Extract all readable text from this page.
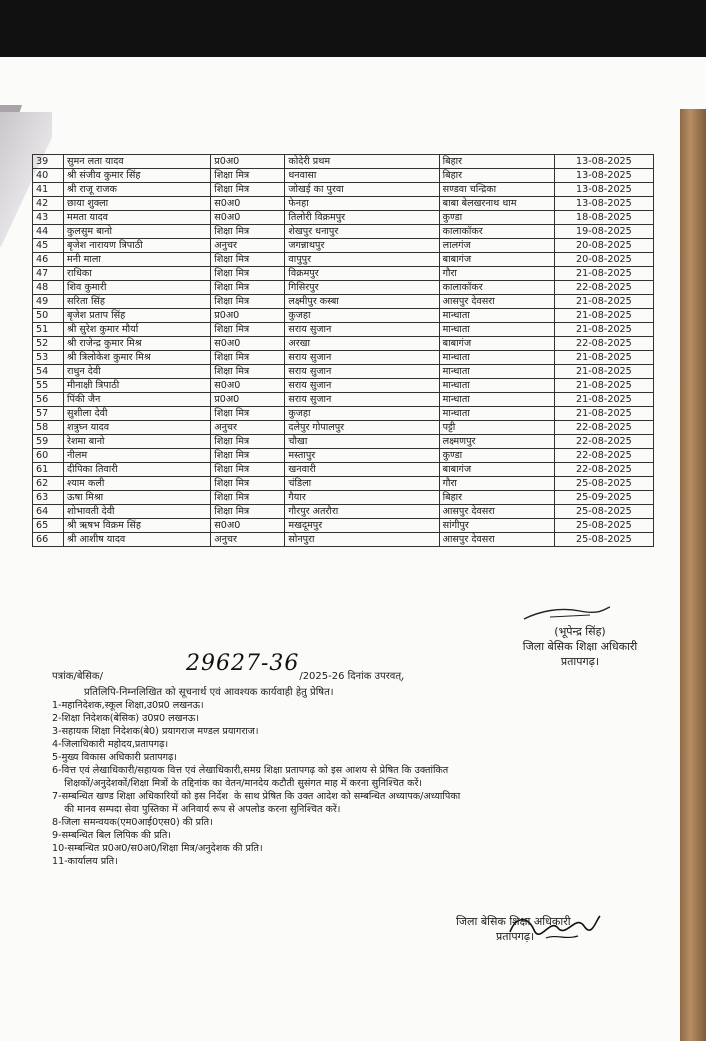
39	सुमन लता यादव	प्र0अ0	कोदेरी प्रथम	बिहार	13-08-2025
40	श्री संजीव कुमार सिंह	शिक्षा मित्र	धनवासा	बिहार	13-08-2025
41	श्री राजू राजक	शिक्षा मित्र	जोखई का पुरवा	सण्डवा चन्द्रिका	13-08-2025
42	छाया शुक्ला	स0अ0	फेनहा	बाबा बेलखरनाथ धाम	13-08-2025
43	ममता यादव	स0अ0	तिलोरी विक्रमपुर	कुण्डा	18-08-2025
44	कुलसुम बानो	शिक्षा मित्र	शेखपुर धनापुर	कालाकॉकर	19-08-2025
45	बृजेश नारायण त्रिपाठी	अनुचर	जगन्नाथपुर	लालगंज	20-08-2025
46	मनी माला	शिक्षा मित्र	वापुपुर	बाबागंज	20-08-2025
47	राधिका	शिक्षा मित्र	विक्रमपुर	गौरा	21-08-2025
48	शिव कुमारी	शिक्षा मित्र	गिसिरपुर	कालाकॉकर	22-08-2025
49	सरिता सिंह	शिक्षा मित्र	लक्ष्मीपुर कस्बा	आसपुर देवसरा	21-08-2025
50	बृजेश प्रताप सिंह	प्र0अ0	कुजहा	मान्धाता	21-08-2025
51	श्री सुरेश कुमार मौर्या	शिक्षा मित्र	सराय सुजान	मान्धाता	21-08-2025
52	श्री राजेन्द्र कुमार मिश्र	स0अ0	अरखा	बाबागंज	22-08-2025
53	श्री त्रिलोकेश कुमार मिश्र	शिक्षा मित्र	सराय सुजान	मान्धाता	21-08-2025
54	राधुन देवी	शिक्षा मित्र	सराय सुजान	मान्धाता	21-08-2025
55	मीनाक्षी त्रिपाठी	स0अ0	सराय सुजान	मान्धाता	21-08-2025
56	पिंकी जैन	प्र0अ0	सराय सुजान	मान्धाता	21-08-2025
57	सुशीला देवी	शिक्षा मित्र	कुजहा	मान्धाता	21-08-2025
58	शत्रुघ्न यादव	अनुचर	दलेपुर गोपालपुर	पट्टी	22-08-2025
59	रेशमा बानो	शिक्षा मित्र	चौखा	लक्ष्मणपुर	22-08-2025
60	नीलम	शिक्षा मित्र	मस्तापुर	कुण्डा	22-08-2025
61	दीपिका तिवारी	शिक्षा मित्र	खनवारी	बाबागंज	22-08-2025
62	श्याम कली	शिक्षा मित्र	चंडिला	गौरा	25-08-2025
63	ऊषा मिश्रा	शिक्षा मित्र	गैयार	बिहार	25-09-2025
64	शोभावती देवी	शिक्षा मित्र	गौरपुर अतरौरा	आसपुर देवसरा	25-08-2025
65	श्री ऋषभ विक्रम सिंह	स0अ0	मखदूमपुर	सांगीपुर	25-08-2025
66	श्री आशीष यादव	अनुचर	सोनपुरा	आसपुर देवसरा	25-08-2025
(भूपेन्द्र सिंह)
जिला बेसिक शिक्षा अधिकारी
प्रतापगढ़।
पत्रांक/बेसिक/	/2025-26 दिनांक उपरवत्,
29627-36
प्रतिलिपि-निम्नलिखित को सूचनार्थ एवं आवश्यक कार्यवाही हेतु प्रेषित।
1-महानिदेशक,स्कूल शिक्षा,उ0प्र0 लखनऊ।
2-शिक्षा निदेशक(बेसिक) उ0प्र0 लखनऊ।
3-सहायक शिक्षा निदेशक(बे0) प्रयागराज मण्डल प्रयागराज।
4-जिलाधिकारी महोदय,प्रतापगढ़।
5-मुख्य विकास अधिकारी प्रतापगढ़।
6-वित्त एवं लेखाधिकारी/सहायक वित्त एवं लेखाधिकारी,समग्र शिक्षा प्रतापगढ़ को इस आशय से प्रेषित कि उक्तांकित
शिक्षकों/अनुदेशकों/शिक्षा मित्रों के तद्दिनांक का वेतन/मानदेय कटौती सुसंगत माह में करना सुनिश्चित करें।
7-सम्बन्धित खण्ड शिक्षा अधिकारियों को इस निर्देश  के साथ प्रेषित कि उक्त आदेश को सम्बन्धित अध्यापक/अध्यापिका
की मानव सम्पदा सेवा पुस्तिका में अनिवार्य रूप से अपलोड करना सुनिश्चित करें।
8-जिला समन्वयक(एम0आई0एस0) की प्रति।
9-सम्बन्धित बिल लिपिक की प्रति।
10-सम्बन्धित प्र0अ0/स0अ0/शिक्षा मित्र/अनुदेशक की प्रति।
11-कार्यालय प्रति।
जिला बेसिक शिक्षा अधिकारी
प्रतापगढ़।
